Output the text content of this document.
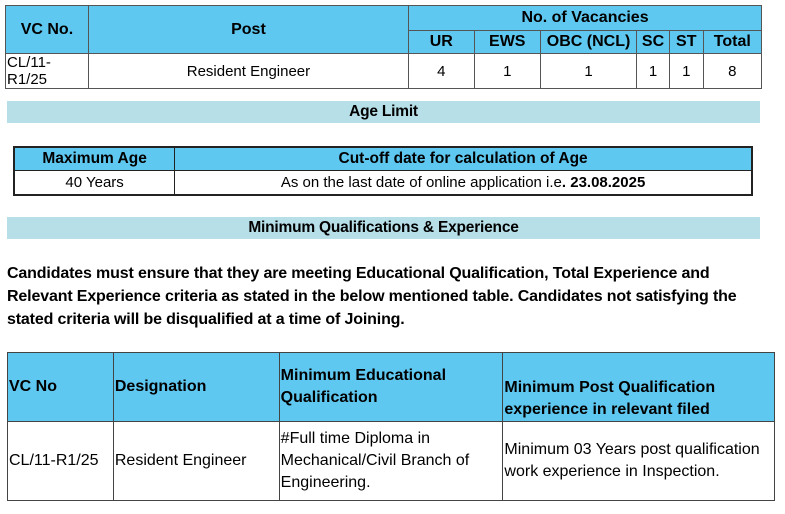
VC No.	Post	No. of Vacancies					
		UR	EWS	OBC (NCL)	SC	ST	Total
CL/11-R1/25	Resident Engineer	4	1	1	1	1	8
Age Limit
Maximum Age	Cut-off date for calculation of Age
40 Years	As on the last date of online application i.e. 23.08.2025
Minimum Qualifications & Experience
Candidates must ensure that they are meeting Educational Qualification, Total Experience and Relevant Experience criteria as stated in the below mentioned table. Candidates not satisfying the stated criteria will be disqualified at a time of Joining.
VC No	Designation	Minimum Educational Qualification	Minimum Post Qualification experience in relevant filed
CL/11-R1/25	Resident Engineer	#Full time Diploma in Mechanical/Civil Branch of Engineering.	Minimum 03 Years post qualification work experience in Inspection.
